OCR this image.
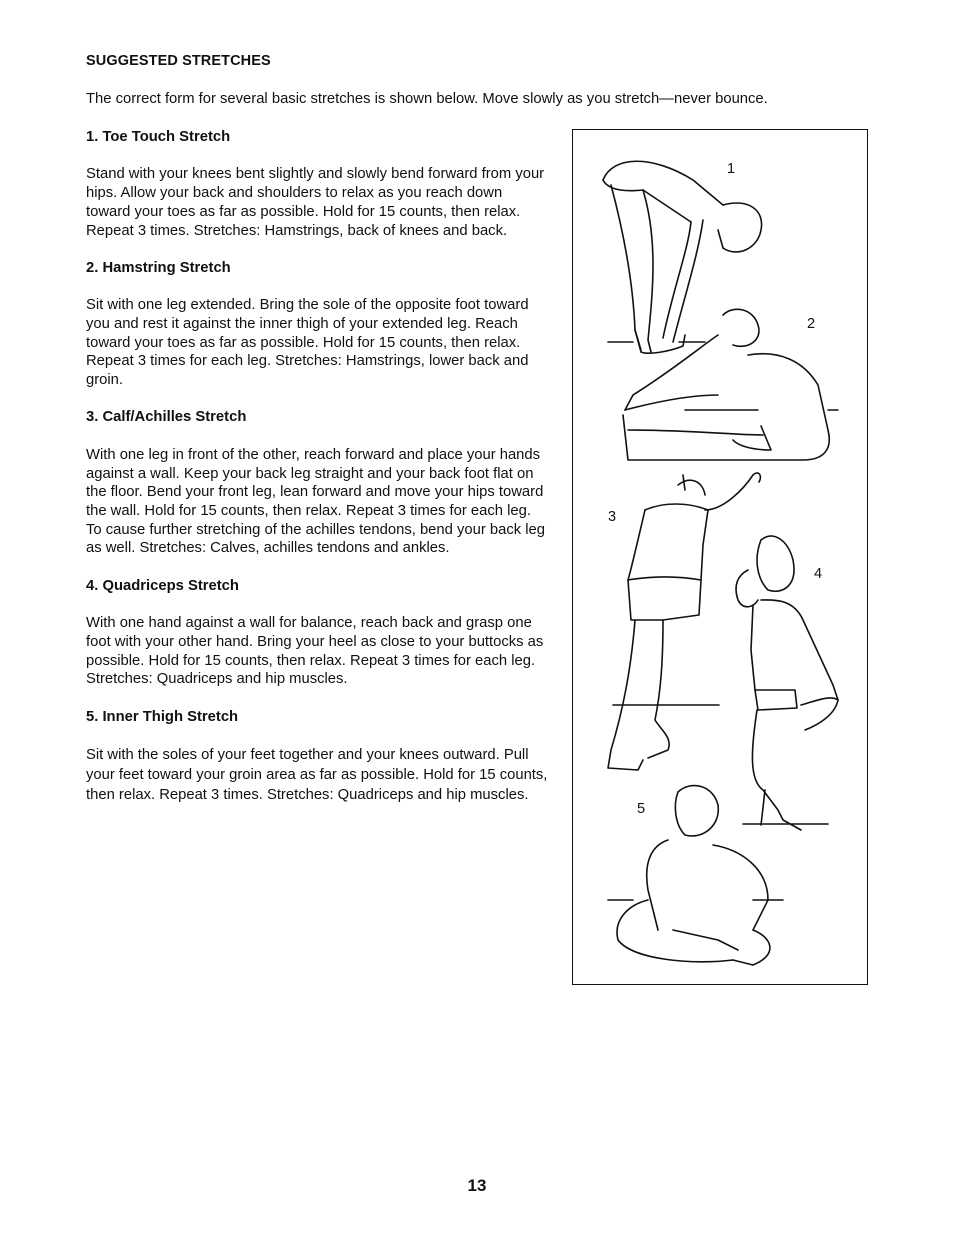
SUGGESTED STRETCHES
The correct form for several basic stretches is shown below. Move slowly as you stretch—never bounce.
1. Toe Touch Stretch

Stand with your knees bent slightly and slowly bend forward from your hips. Allow your back and shoulders to relax as you reach down toward your toes as far as possible. Hold for 15 counts, then relax. Repeat 3 times. Stretches: Hamstrings, back of knees and back.

2. Hamstring Stretch

Sit with one leg extended. Bring the sole of the opposite foot toward you and rest it against the inner thigh of your extended leg. Reach toward your toes as far as possible. Hold for 15 counts, then relax. Repeat 3 times for each leg. Stretches: Hamstrings, lower back and groin.

3. Calf/Achilles Stretch

With one leg in front of the other, reach forward and place your hands against a wall. Keep your back leg straight and your back foot flat on the floor. Bend your front leg, lean forward and move your hips toward the wall. Hold for 15 counts, then relax. Repeat 3 times for each leg. To cause further stretching of the achilles tendons, bend your back leg as well. Stretches: Calves, achilles tendons and ankles.

4. Quadriceps Stretch

With one hand against a wall for balance, reach back and grasp one foot with your other hand. Bring your heel as close to your buttocks as possible. Hold for 15 counts, then relax. Repeat 3 times for each leg. Stretches: Quadriceps and hip muscles.

5. Inner Thigh Stretch

Sit with the soles of your feet together and your knees outward. Pull your feet toward your groin area as far as possible. Hold for 15 counts, then relax. Repeat 3 times. Stretches: Quadriceps and hip muscles.

1
2
3
4
5
13
